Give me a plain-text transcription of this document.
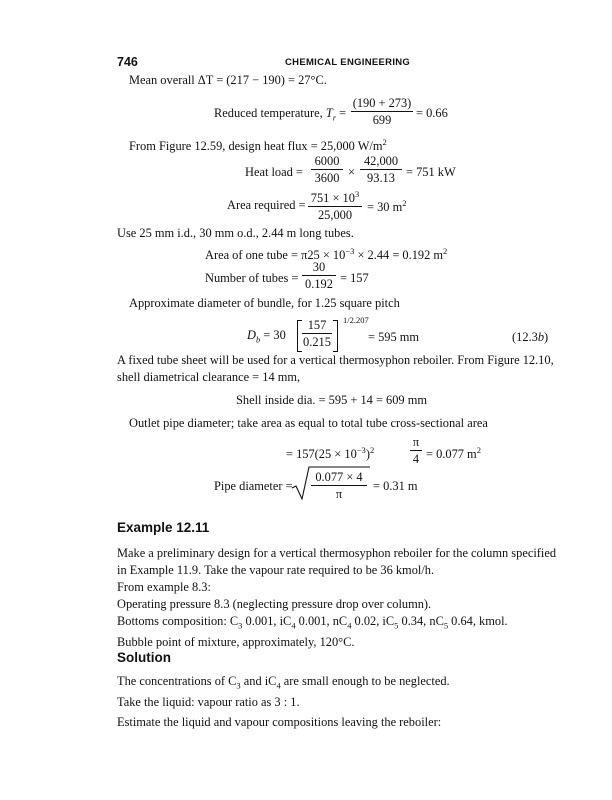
746	CHEMICAL ENGINEERING
Mean overall ΔT = (217 − 190) = 27°C.
Reduced temperature, $T_r$ =
(190 + 273)
699	= 0.66
From Figure 12.59, design heat flux = 25,000 $W/m^2$
Heat load =
6000
3600 ×
42,000
93.13 = 751 kW
Area required = $751 \times 10^3$
25,000
= 30 $m^2$
Use 25 mm i.d., 30 mm o.d., 2.44 m long tubes.
Area of one tube = $\pi 25 \times 10^{-3} \times 2.44 = 0.192$ $m^2$
Number of tubes =
30
0.192 = 157
Approximate diameter of bundle, for 1.25 square pitch
$D_b = 30$
157
0.215
1/2.207
= 595 mm	(12.3b)
A fixed tube sheet will be used for a vertical thermosyphon reboiler. From Figure 12.10,
shell diametrical clearance = 14 mm,
Shell inside dia. = 595 + 14 = 609 mm
Outlet pipe diameter; take area as equal to total tube cross-sectional area
= $157(25 \times 10^{-3})^2$
π
4 = 0.077 $m^2$
Pipe diameter =
0.077 × 4
π
= 0.31 m
Example 12.11
Make a preliminary design for a vertical thermosyphon reboiler for the column specified
in Example 11.9. Take the vapour rate required to be 36 kmol/h.
From example 8.3:
Operating pressure 8.3 (neglecting pressure drop over column).
Bottoms composition: $C_3$ 0.001, $iC_4$ 0.001, $nC_4$ 0.02, $iC_5$ 0.34, $nC_5$ 0.64, kmol.
Bubble point of mixture, approximately, 120°C.
Solution
The concentrations of $C_3$ and $iC_4$ are small enough to be neglected.
Take the liquid: vapour ratio as 3 : 1.
Estimate the liquid and vapour compositions leaving the reboiler:
